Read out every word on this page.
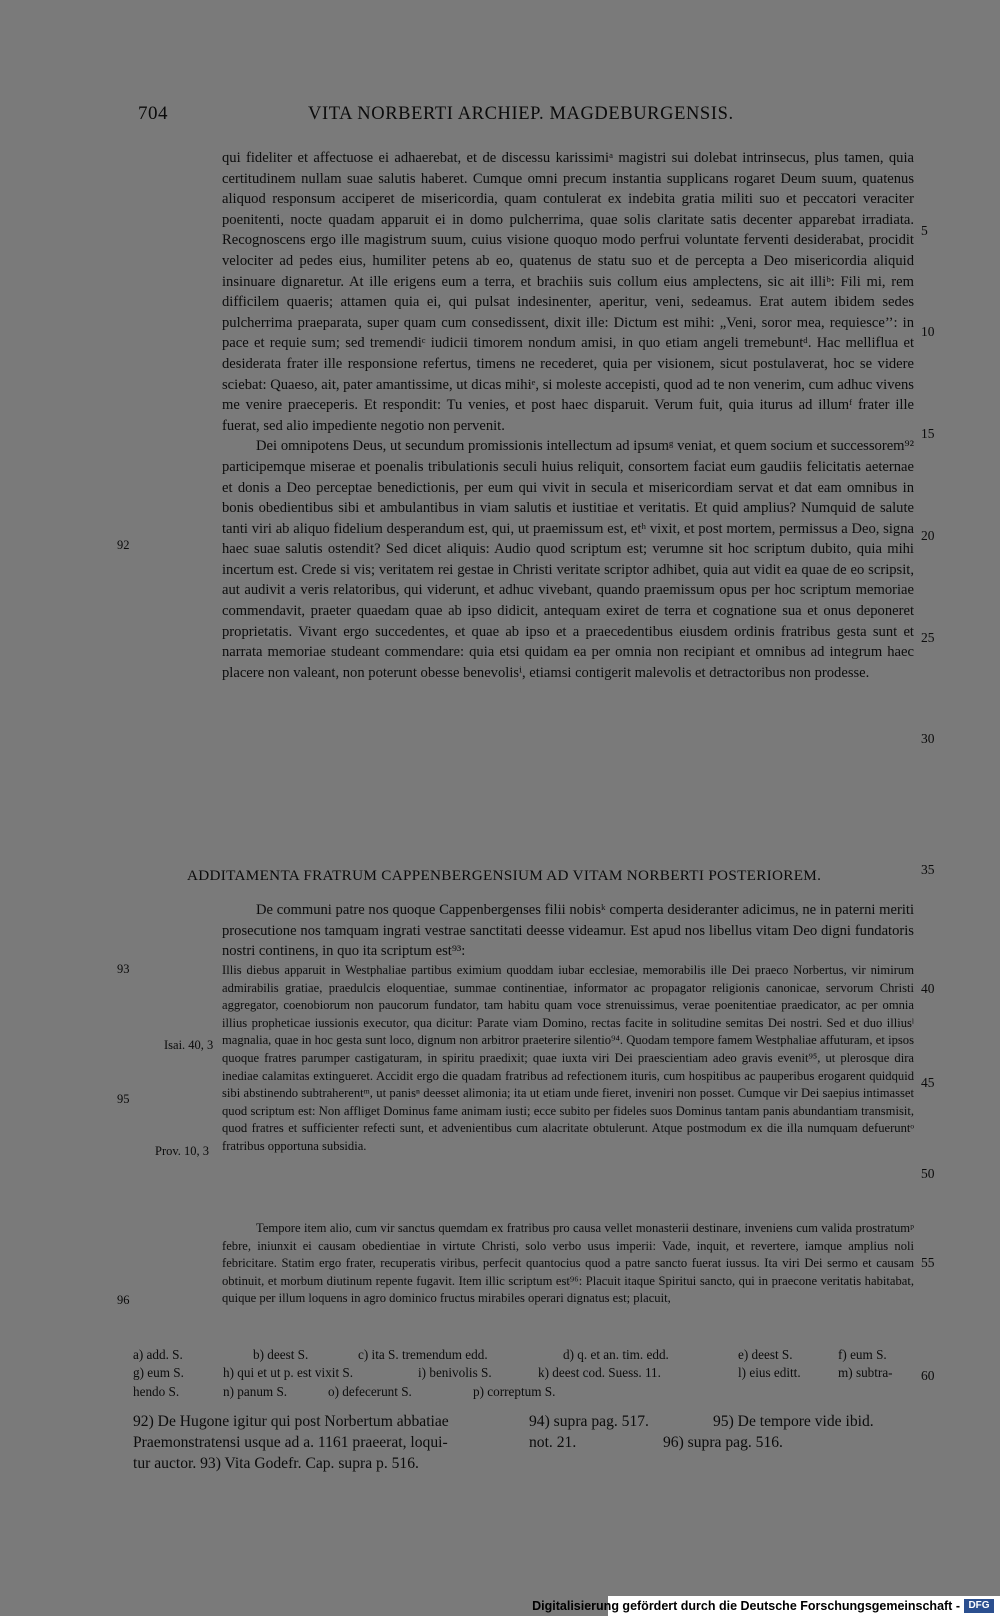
704	VITA NORBERTI ARCHIEP. MAGDEBURGENSIS.

qui fideliter et affectuose ei adhaerebat, et de discessu karissimiᵃ magistri sui dolebat intrinsecus, plus tamen, quia certitudinem nullam suae salutis haberet. Cumque omni precum instantia supplicans rogaret Deum suum, quatenus aliquod responsum acciperet de misericordia, quam contulerat ex indebita gratia militi suo et peccatori veraciter poenitenti, nocte quadam apparuit ei in domo pulcherrima, quae solis claritate satis decenter apparebat irradiata. Recognoscens ergo ille magistrum suum, cuius visione quoquo modo perfrui voluntate ferventi desiderabat, procidit velociter ad pedes eius, humiliter petens ab eo, quatenus de statu suo et de percepta a Deo misericordia aliquid insinuare dignaretur. At ille erigens eum a terra, et brachiis suis collum eius amplectens, sic ait illiᵇ: Fili mi, rem difficilem quaeris; attamen quia ei, qui pulsat indesinenter, aperitur, veni, sedeamus. Erat autem ibidem sedes pulcherrima praeparata, super quam cum consedissent, dixit ille: Dictum est mihi: „Veni, soror mea, requiesce’’: in pace et requie sum; sed tremendiᶜ iudicii timorem nondum amisi, in quo etiam angeli tremebuntᵈ. Hac melliflua et desiderata frater ille responsione refertus, timens ne recederet, quia per visionem, sicut postulaverat, hoc se videre sciebat: Quaeso, ait, pater amantissime, ut dicas mihiᵉ, si moleste accepisti, quod ad te non venerim, cum adhuc vivens me venire praeceperis. Et respondit: Tu venies, et post haec disparuit. Verum fuit, quia iturus ad illumᶠ frater ille fuerat, sed alio impediente negotio non pervenit.

Dei omnipotens Deus, ut secundum promissionis intellectum ad ipsumᵍ veniat, et quem socium et successorem⁹² participemque miserae et poenalis tribulationis seculi huius reliquit, consortem faciat eum gaudiis felicitatis aeternae et donis a Deo perceptae benedictionis, per eum qui vivit in secula et misericordiam servat et dat eam omnibus in bonis obedientibus sibi et ambulantibus in viam salutis et iustitiae et veritatis. Et quid amplius? Numquid de salute tanti viri ab aliquo fidelium desperandum est, qui, ut praemissum est, etʰ vixit, et post mortem, permissus a Deo, signa haec suae salutis ostendit? Sed dicet aliquis: Audio quod scriptum est; verumne sit hoc scriptum dubito, quia mihi incertum est. Crede si vis; veritatem rei gestae in Christi veritate scriptor adhibet, quia aut vidit ea quae de eo scripsit, aut audivit a veris relatoribus, qui viderunt, et adhuc vivebant, quando praemissum opus per hoc scriptum memoriae commendavit, praeter quaedam quae ab ipso didicit, antequam exiret de terra et cognatione sua et onus deponeret proprietatis. Vivant ergo succedentes, et quae ab ipso et a praecedentibus eiusdem ordinis fratribus gesta sunt et narrata memoriae studeant commendare: quia etsi quidam ea per omnia non recipiant et omnibus ad integrum haec placere non valeant, non poterunt obesse benevolisⁱ, etiamsi contigerit malevolis et detractoribus non prodesse.

5
10
15
20
25
30
35
40
45
50
55
60
92
93
Isai. 40, 3
95
Prov. 10, 3
96
ADDITAMENTA FRATRUM CAPPENBERGENSIUM AD VITAM NORBERTI POSTERIOREM.

De communi patre nos quoque Cappenbergenses filii nobisᵏ comperta desideranter adicimus, ne in paterni meriti prosecutione nos tamquam ingrati vestrae sanctitati deesse videamur. Est apud nos libellus vitam Deo digni fundatoris nostri continens, in quo ita scriptum est⁹³:

Illis diebus apparuit in Westphaliae partibus eximium quoddam iubar ecclesiae, memorabilis ille Dei praeco Norbertus, vir nimirum admirabilis gratiae, praedulcis eloquentiae, summae continentiae, informator ac propagator religionis canonicae, servorum Christi aggregator, coenobiorum non paucorum fundator, tam habitu quam voce strenuissimus, verae poenitentiae praedicator, ac per omnia illius propheticae iussionis executor, qua dicitur: Parate viam Domino, rectas facite in solitudine semitas Dei nostri. Sed et duo illiusˡ magnalia, quae in hoc gesta sunt loco, dignum non arbitror praeterire silentio⁹⁴. Quodam tempore famem Westphaliae affuturam, et ipsos quoque fratres parumper castigaturam, in spiritu praedixit; quae iuxta viri Dei praescientiam adeo gravis evenit⁹⁵, ut plerosque dira inediae calamitas extingueret. Accidit ergo die quadam fratribus ad refectionem ituris, cum hospitibus ac pauperibus erogarent quidquid sibi abstinendo subtraherentᵐ, ut panisⁿ deesset alimonia; ita ut etiam unde fieret, inveniri non posset. Cumque vir Dei saepius intimasset quod scriptum est: Non affliget Dominus fame animam iusti; ecce subito per fideles suos Dominus tantam panis abundantiam transmisit, quod fratres et sufficienter refecti sunt, et advenientibus cum alacritate obtulerunt. Atque postmodum ex die illa numquam defueruntᵒ fratribus opportuna subsidia.

Tempore item alio, cum vir sanctus quemdam ex fratribus pro causa vellet monasterii destinare, inveniens cum valida prostratumᵖ febre, iniunxit ei causam obedientiae in virtute Christi, solo verbo usus imperii: Vade, inquit, et revertere, iamque amplius noli febricitare. Statim ergo frater, recuperatis viribus, perfecit quantocius quod a patre sancto fuerat iussus. Ita viri Dei sermo et causam obtinuit, et morbum diutinum repente fugavit. Item illic scriptum est⁹⁶: Placuit itaque Spiritui sancto, qui in praecone veritatis habitabat, quique per illum loquens in agro dominico fructus mirabiles operari dignatus est; placuit,

a) add. S.	b) deest S.	c) ita S. tremendum edd.	d) q. et an. tim. edd.	e) deest S.	f) eum S.
g) eum S.	h) qui et ut p. est vixit S.	i) benivolis S.	k) deest cod. Suess. 11.	l) eius editt.	m) subtra-
hendo S.	n) panum S.	o) defecerunt S.	p) correptum S.
92) De Hugone igitur qui post Norbertum abbatiae
Praemonstratensi usque ad a. 1161 praeerat, loqui-
tur auctor. 93) Vita Godefr. Cap. supra p. 516.
94) supra pag. 517.
not. 21.
95) De tempore vide ibid.
96) supra pag. 516.
Digitalisierung gefördert durch die Deutsche Forschungsgemeinschaft - DFG
